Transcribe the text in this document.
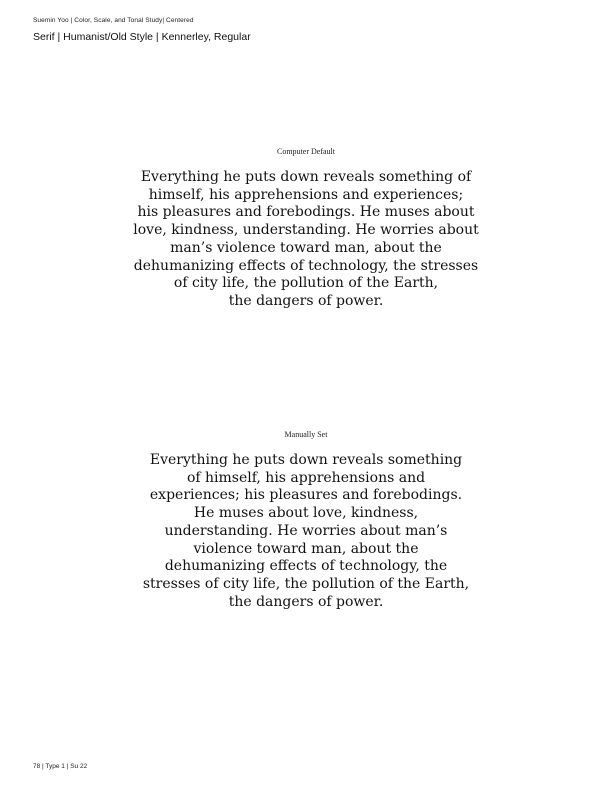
Suemin Yoo | Color, Scale, and Tonal Study| Centered
Serif | Humanist/Old Style | Kennerley, Regular
Computer Default
Everything he puts down reveals something of
himself, his apprehensions and experiences;
his pleasures and forebodings. He muses about
love, kindness, understanding. He worries about
man’s violence toward man, about the
dehumanizing effects of technology, the stresses
of city life, the pollution of the Earth,
the dangers of power.
Manually Set
Everything he puts down reveals something
of himself, his apprehensions and
experiences; his pleasures and forebodings.
He muses about love, kindness,
understanding. He worries about man’s
violence toward man, about the
dehumanizing effects of technology, the
stresses of city life, the pollution of the Earth,
the dangers of power.
78 | Type 1 | Su 22
